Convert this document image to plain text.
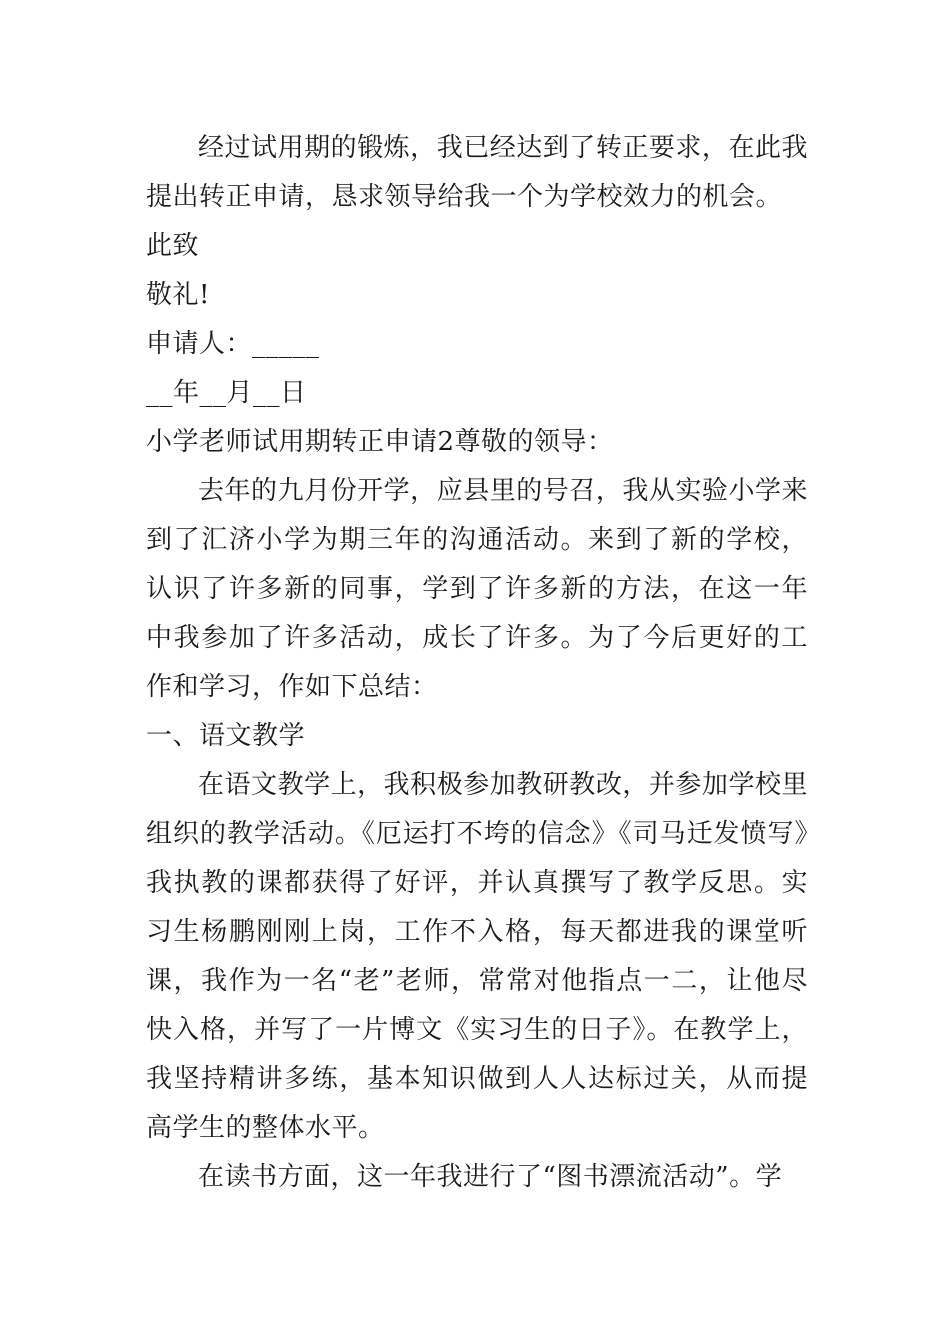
经过试用期的锻炼，我已经达到了转正要求，在此我提出转正申请，恳求领导给我一个为学校效力的机会。

此致

敬礼!

申请人：_____

__年__月__日

小学老师试用期转正申请2尊敬的领导：

去年的九月份开学，应县里的号召，我从实验小学来到了汇济小学为期三年的沟通活动。来到了新的学校，认识了许多新的同事，学到了许多新的方法，在这一年中我参加了许多活动，成长了许多。为了今后更好的工作和学习，作如下总结：

一、语文教学

在语文教学上，我积极参加教研教改，并参加学校里组织的教学活动。《厄运打不垮的信念》《司马迁发愤写》我执教的课都获得了好评，并认真撰写了教学反思。实习生杨鹏刚刚上岗，工作不入格，每天都进我的课堂听课，我作为一名“老”老师，常常对他指点一二，让他尽快入格，并写了一片博文《实习生的日子》。在教学上，我坚持精讲多练，基本知识做到人人达标过关，从而提高学生的整体水平。

在读书方面，这一年我进行了“图书漂流活动”。学
